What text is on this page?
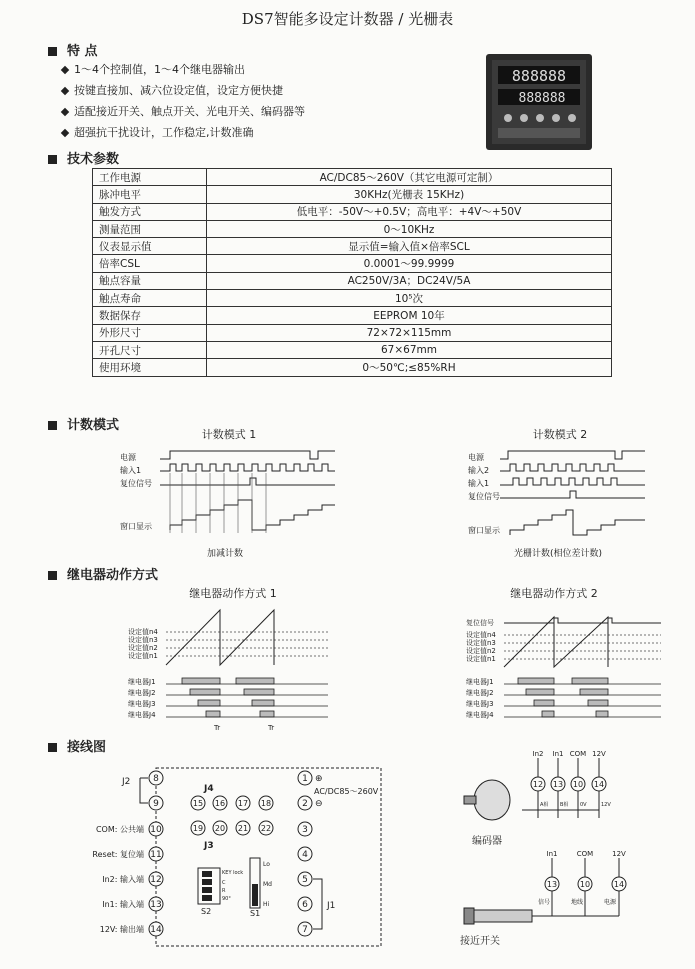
DS7智能多设定计数器 / 光栅表
特 点
1～4个控制值，1～4个继电器输出
按键直接加、减六位设定值，设定方便快捷
适配接近开关、触点开关、光电开关、编码器等
超强抗干扰设计，工作稳定,计数准确
888888
888888
技术参数
工作电源	AC/DC85～260V（其它电源可定制）
脉冲电平	30KHz(光栅表 15KHz)
触发方式	低电平：-50V～+0.5V；高电平：+4V～+50V
测量范围	0～10KHz
仪表显示值	显示值=输入值×倍率SCL
倍率CSL	0.0001～99.9999
触点容量	AC250V/3A；DC24V/5A
触点寿命	10⁵次
数据保存	EEPROM 10年
外形尺寸	72×72×115mm
开孔尺寸	67×67mm
使用环境	0～50℃;≤85%RH
计数模式
计数模式 1
电源
输入1
复位信号
窗口显示
加减计数
计数模式 2
电源
输入2
输入1
复位信号
窗口显示
光栅计数(相位差计数)
继电器动作方式
继电器动作方式 1
设定值n4
设定值n3
设定值n2
设定值n1
继电器J1
继电器J2
继电器J3
继电器J4
Tr	Tr
继电器动作方式 2
复位信号
设定值n4
设定值n3
设定值n2
设定值n1
继电器J1
继电器J2
继电器J3
继电器J4
接线图
8
9
10
11
12
13
14
1
2
3
4
5
6
7
⊕
⊖
AC/DC85～260V
J2
J1
COM: 公共端
Reset: 复位端
In2: 输入端
In1: 输入端
12V: 输出端
15 16 17 18
19 20 21 22
J4
J3
KEY lock
C
R
90°
S2
Lo
Md
Hi
S1
In2 In1 COM 12V
12 13 10 14
A相 B相 0V	12V
编码器
In1	COM	12V
13	10	14
信号	地线	电源
接近开关
